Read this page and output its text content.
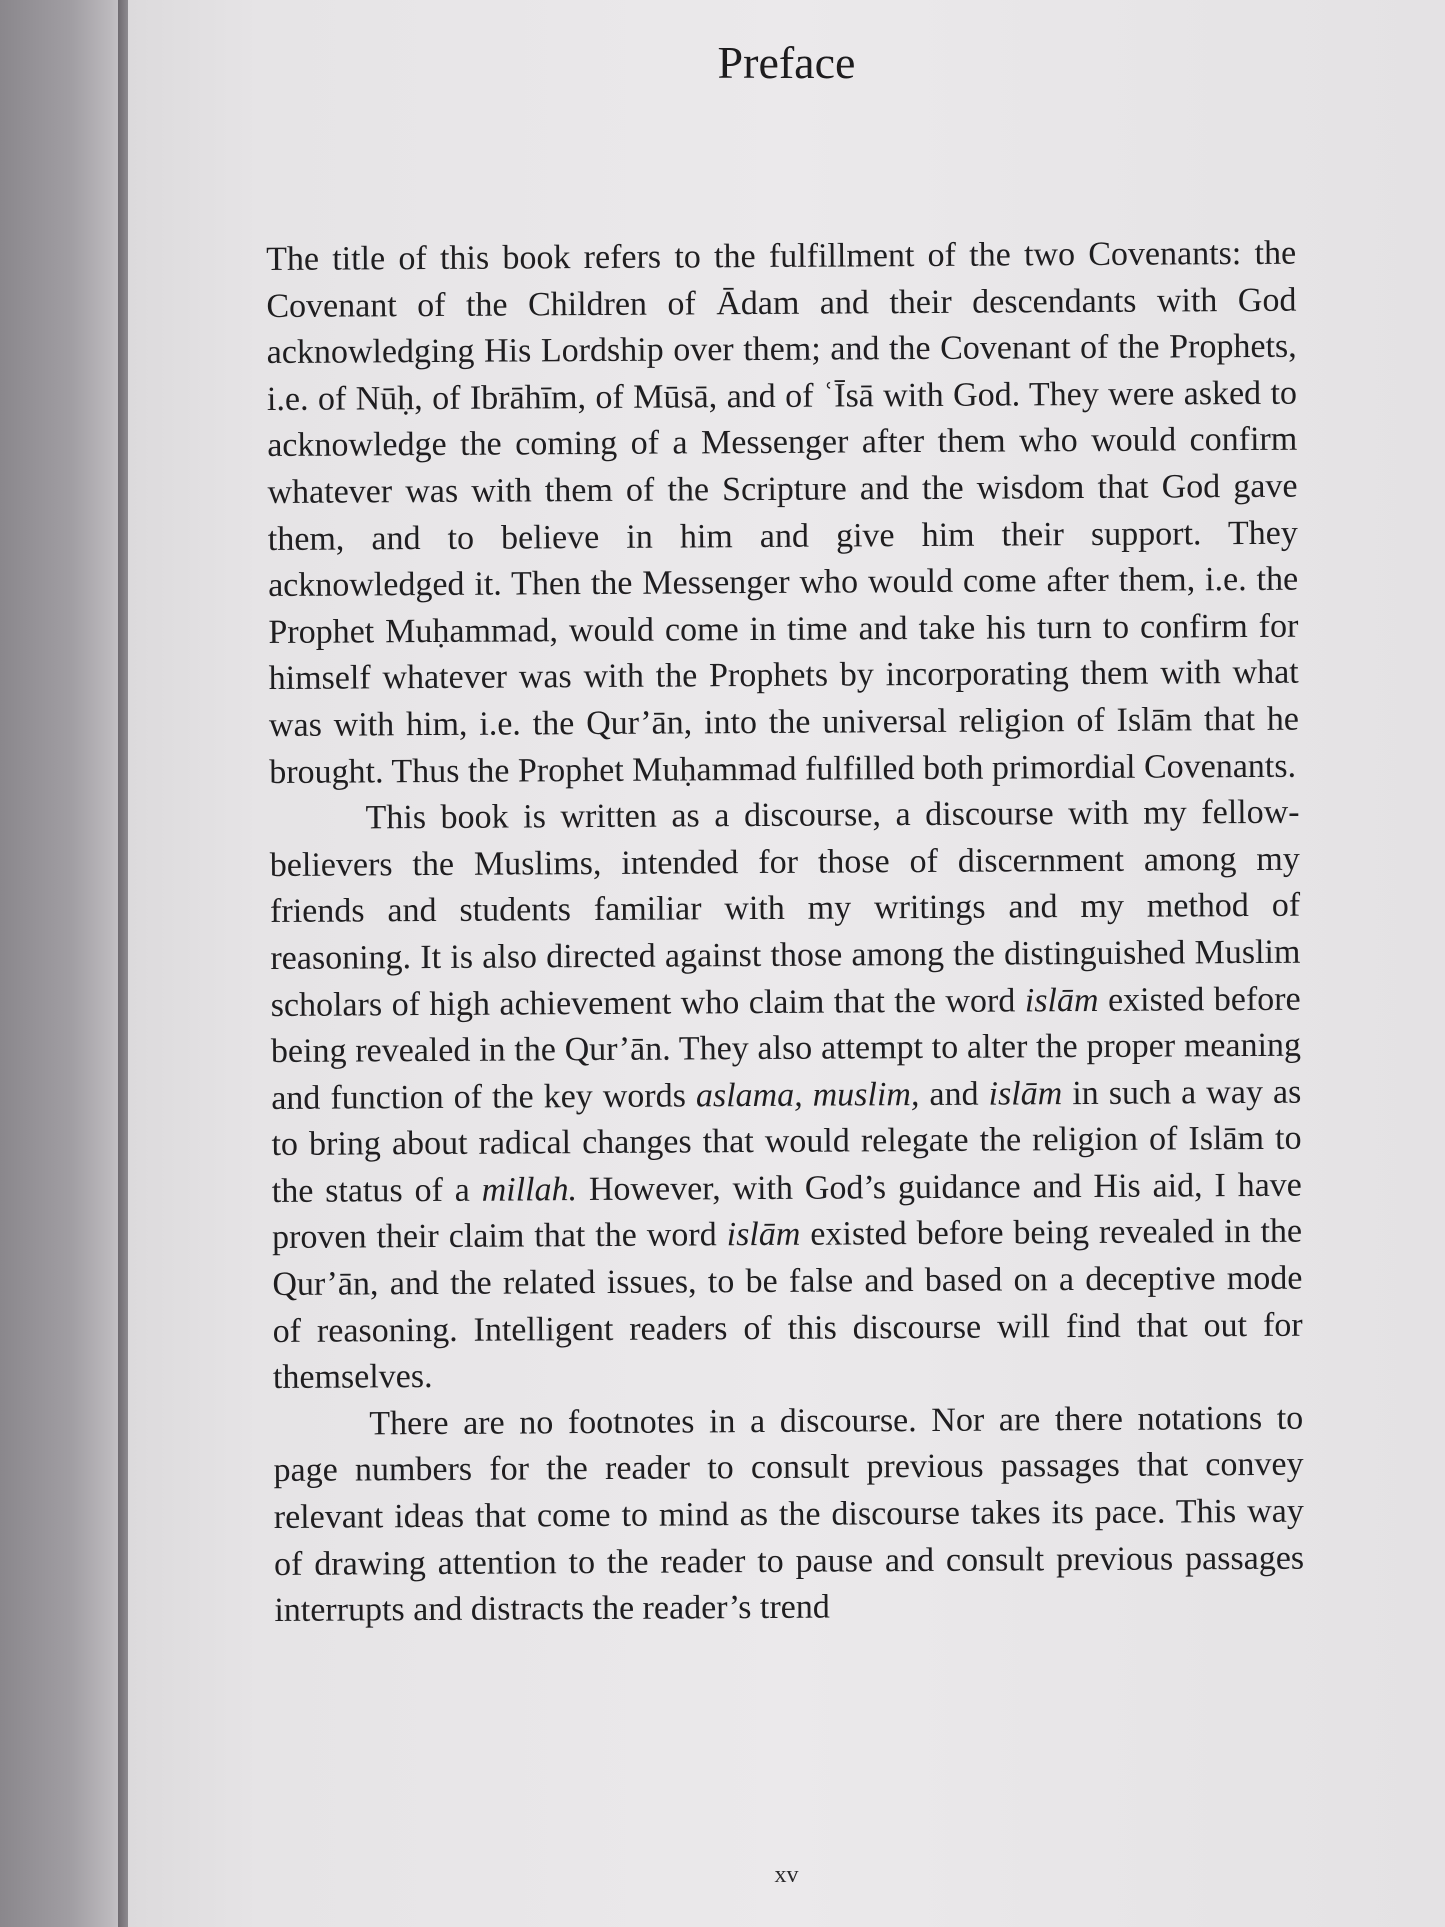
Preface

The title of this book refers to the fulfillment of the two Covenants: the Covenant of the Children of Ādam and their descendants with God acknowledging His Lordship over them; and the Covenant of the Prophets, i.e. of Nūḥ, of Ibrāhīm, of Mūsā, and of ʿĪsā with God. They were asked to acknowledge the coming of a Messenger after them who would confirm whatever was with them of the Scripture and the wisdom that God gave them, and to believe in him and give him their support. They acknowledged it. Then the Messenger who would come after them, i.e. the Prophet Muḥammad, would come in time and take his turn to confirm for himself whatever was with the Prophets by incorporating them with what was with him, i.e. the Qur’ān, into the universal religion of Islām that he brought. Thus the Prophet Muḥammad fulfilled both primordial Covenants.

This book is written as a discourse, a discourse with my fellow-believers the Muslims, intended for those of discernment among my friends and students familiar with my writings and my method of reasoning. It is also directed against those among the distinguished Muslim scholars of high achievement who claim that the word islām existed before being revealed in the Qur’ān. They also attempt to alter the proper meaning and function of the key words aslama, muslim, and islām in such a way as to bring about radical changes that would relegate the religion of Islām to the status of a millah. However, with God’s guidance and His aid, I have proven their claim that the word islām existed before being revealed in the Qur’ān, and the related issues, to be false and based on a deceptive mode of reasoning. Intelligent readers of this discourse will find that out for themselves.

There are no footnotes in a discourse. Nor are there notations to page numbers for the reader to consult previous passages that convey relevant ideas that come to mind as the discourse takes its pace. This way of drawing attention to the reader to pause and consult previous passages interrupts and distracts the reader’s trend

xv
